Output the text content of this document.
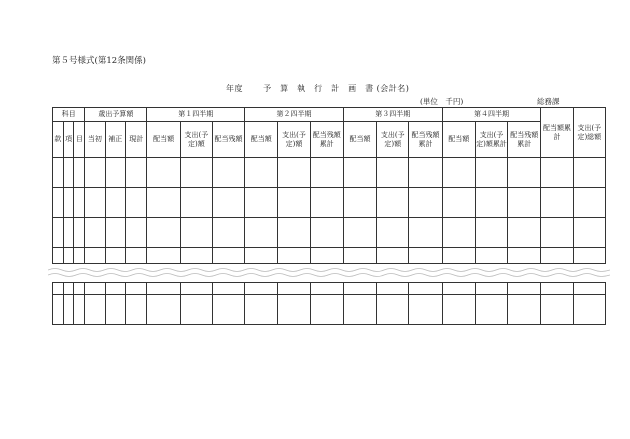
第５号様式(第12条関係)
年度	予　算　執　行　計　画　書 (会計名)
(単位　千円)	総務課
科目			歳出予算額			第１四半期			第２四半期			第３四半期			第４四半期			配当額累計	支出(予定)総額
款	項	目	当初	補正	現計	配当額	支出(予定)額	配当残額	配当額	支出(予定)額	配当残額累計	配当額	支出(予定)額	配当残額累計	配当額	支出(予定)額累計	配当残額累計		
